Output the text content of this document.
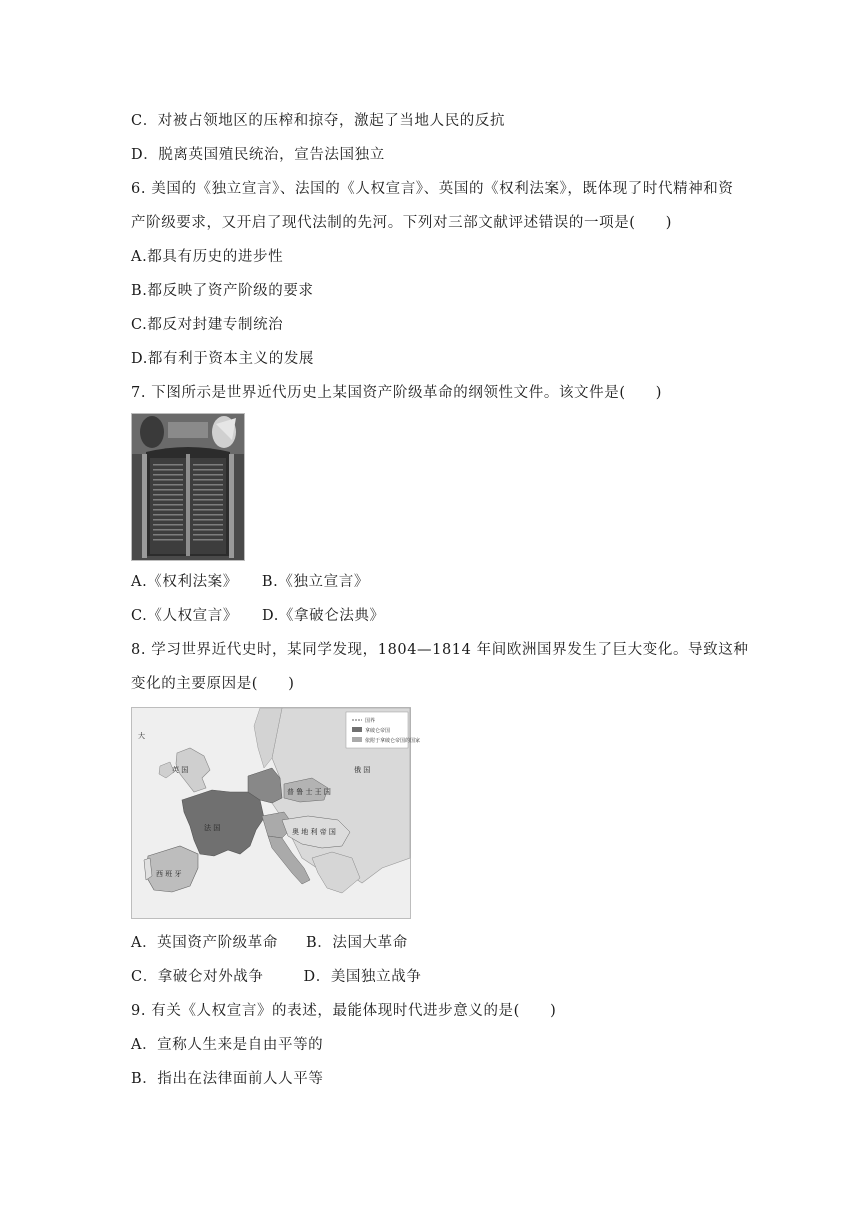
C．对被占领地区的压榨和掠夺，激起了当地人民的反抗
D．脱离英国殖民统治，宣告法国独立
6. 美国的《独立宣言》、法国的《人权宣言》、英国的《权利法案》，既体现了时代精神和资
产阶级要求，又开启了现代法制的先河。下列对三部文献评述错误的一项是(　　)
A.都具有历史的进步性
B.都反映了资产阶级的要求
C.都反对封建专制统治
D.都有利于资本主义的发展
7. 下图所示是世界近代历史上某国资产阶级革命的纲领性文件。该文件是(　　)
A.《权利法案》 B.《独立宣言》
C.《人权宣言》 D.《拿破仑法典》
8. 学习世界近代史时，某同学发现，1804—1814 年间欧洲国界发生了巨大变化。导致这种
变化的主要原因是(　　)
国界
拿破仑帝国
依附于拿破仑帝国的国家
英 国
法 国
西 班 牙
俄 国
奥 地 利 帝 国
普 鲁 士 王 国
大
A．英国资产阶级革命 B．法国大革命
C．拿破仑对外战争	D．美国独立战争
9. 有关《人权宣言》的表述，最能体现时代进步意义的是(　　)
A．宣称人生来是自由平等的
B．指出在法律面前人人平等
